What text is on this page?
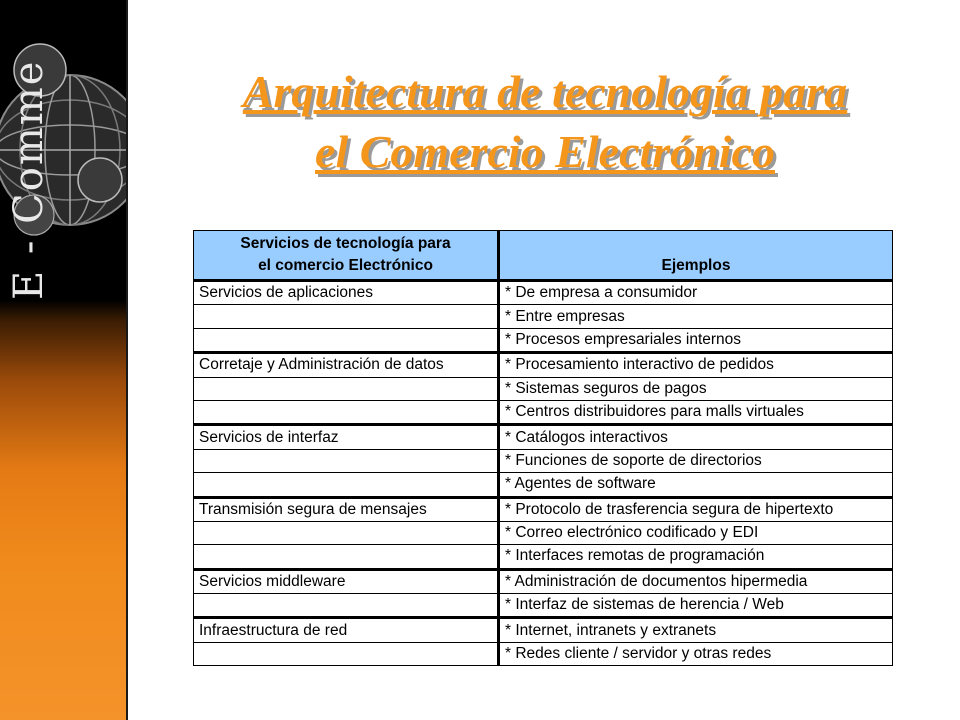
E - Comme	Arquitectura de tecnología para
el Comercio Electrónico
Servicios de tecnología para
el comercio Electrónico	Ejemplos
Servicios de aplicaciones	* De empresa a consumidor
	* Entre empresas
	* Procesos empresariales internos
Corretaje y Administración de datos	* Procesamiento interactivo de pedidos
	* Sistemas seguros de pagos
	* Centros distribuidores para malls virtuales
Servicios de interfaz	* Catálogos interactivos
	* Funciones de soporte de directorios
	* Agentes de software
Transmisión segura de mensajes	* Protocolo de trasferencia segura de hipertexto
	* Correo electrónico codificado y EDI
	* Interfaces remotas de programación
Servicios middleware	* Administración de documentos hipermedia
	* Interfaz de sistemas de herencia / Web
Infraestructura de red	* Internet, intranets y extranets
	* Redes cliente / servidor y otras redes
